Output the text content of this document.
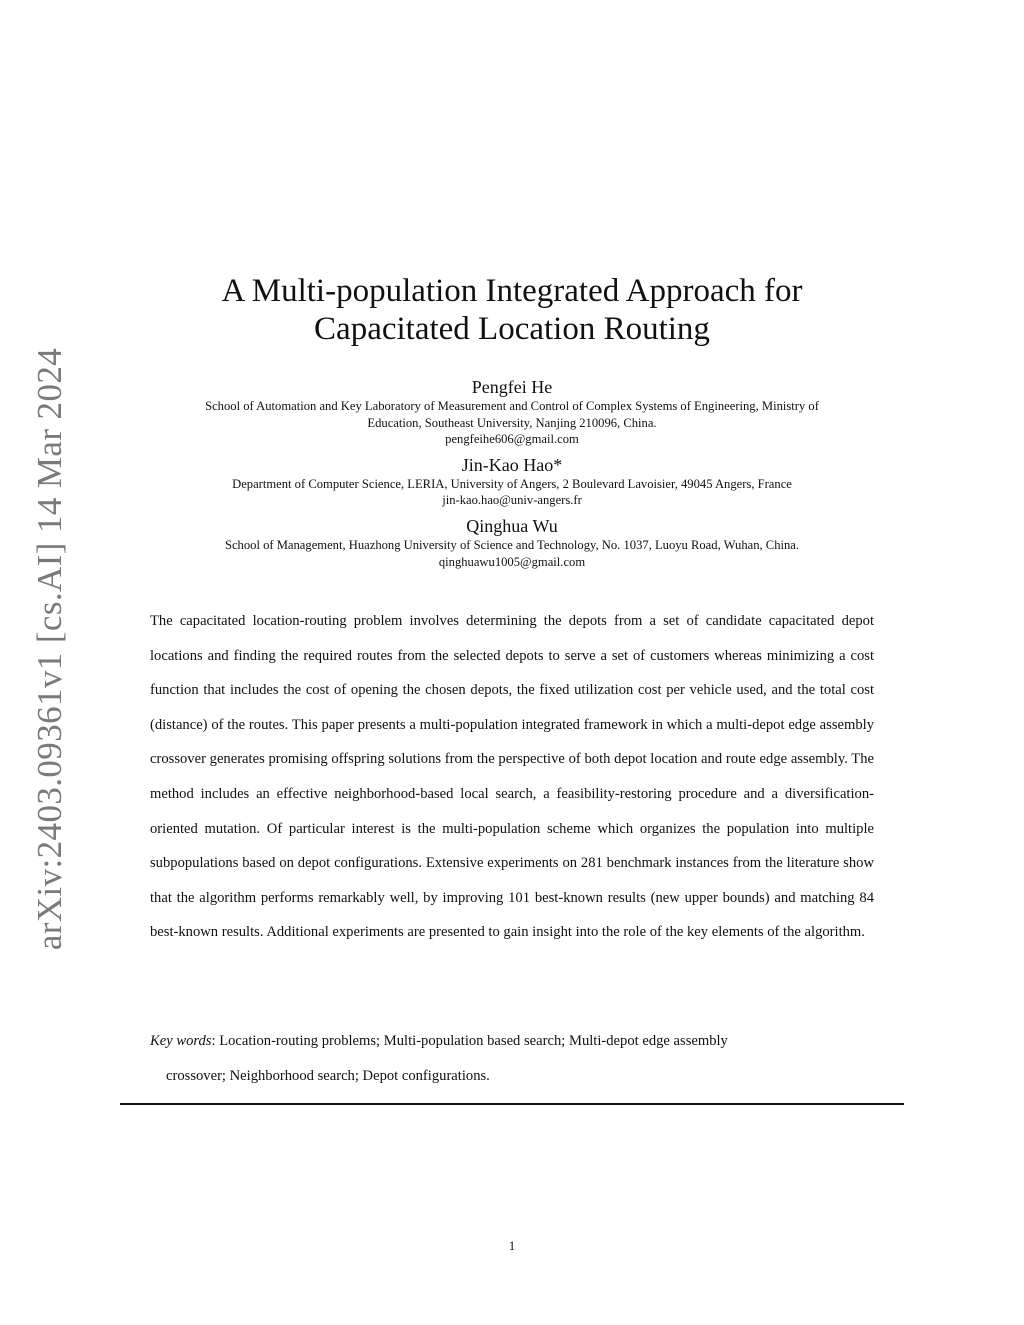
arXiv:2403.09361v1 [cs.AI] 14 Mar 2024
A Multi-population Integrated Approach for
Capacitated Location Routing
Pengfei He
School of Automation and Key Laboratory of Measurement and Control of Complex Systems of Engineering, Ministry of
Education, Southeast University, Nanjing 210096, China.
pengfeihe606@gmail.com
Jin-Kao Hao*
Department of Computer Science, LERIA, University of Angers, 2 Boulevard Lavoisier, 49045 Angers, France
jin-kao.hao@univ-angers.fr
Qinghua Wu
School of Management, Huazhong University of Science and Technology, No. 1037, Luoyu Road, Wuhan, China.
qinghuawu1005@gmail.com

The capacitated location-routing problem involves determining the depots from a set of candidate capacitated depot locations and finding the required routes from the selected depots to serve a set of customers whereas minimizing a cost function that includes the cost of opening the chosen depots, the fixed utilization cost per vehicle used, and the total cost (distance) of the routes. This paper presents a multi-population integrated framework in which a multi-depot edge assembly crossover generates promising offspring solutions from the perspective of both depot location and route edge assembly. The method includes an effective neighborhood-based local search, a feasibility-restoring procedure and a diversification-oriented mutation. Of particular interest is the multi-population scheme which organizes the population into multiple subpopulations based on depot configurations. Extensive experiments on 281 benchmark instances from the literature show that the algorithm performs remarkably well, by improving 101 best-known results (new upper bounds) and matching 84 best-known results. Additional experiments are presented to gain insight into the role of the key elements of the algorithm.

Key words: Location-routing problems; Multi-population based search; Multi-depot edge assembly
crossover; Neighborhood search; Depot configurations.
1
